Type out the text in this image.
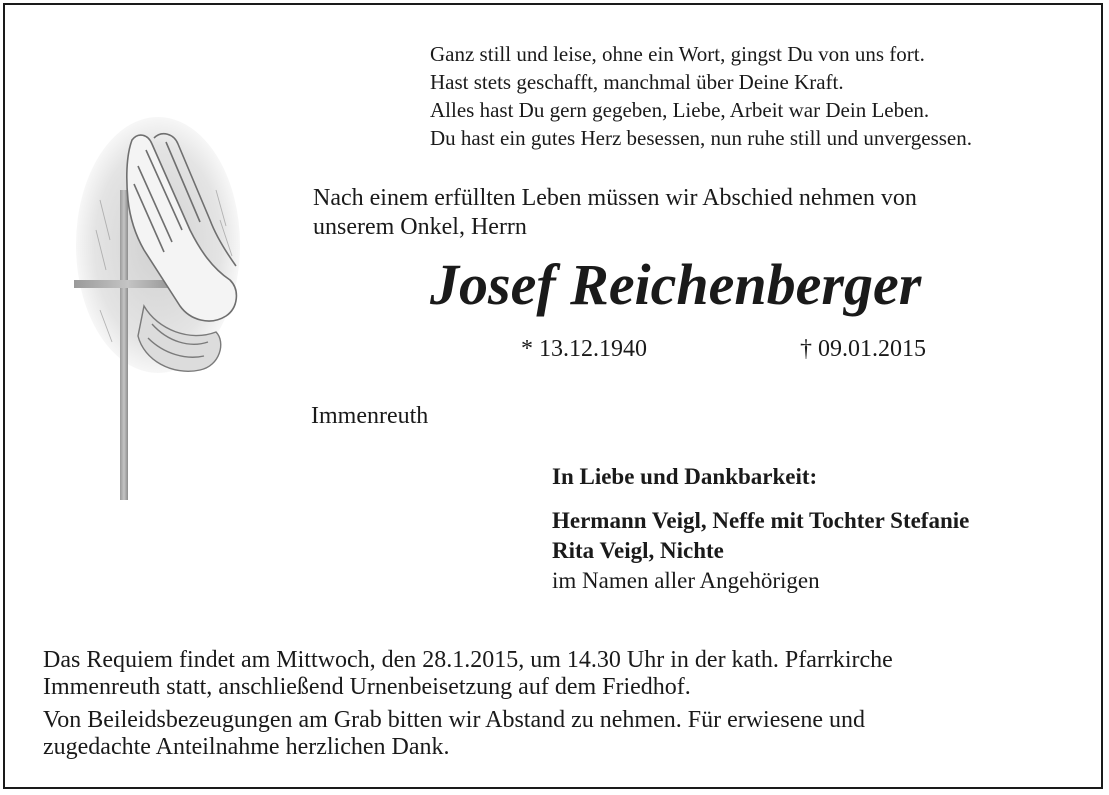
Ganz still und leise, ohne ein Wort, gingst Du von uns fort.
Hast stets geschafft, manchmal über Deine Kraft.
Alles hast Du gern gegeben, Liebe, Arbeit war Dein Leben.
Du hast ein gutes Herz besessen, nun ruhe still und unvergessen.
Nach einem erfüllten Leben müssen wir Abschied nehmen von
unserem Onkel, Herrn
Josef Reichenberger
* 13.12.1940	† 09.01.2015
Immenreuth
In Liebe und Dankbarkeit:
Hermann Veigl, Neffe mit Tochter Stefanie
Rita Veigl, Nichte
im Namen aller Angehörigen
Das Requiem findet am Mittwoch, den 28.1.2015, um 14.30 Uhr in der kath. Pfarrkirche
Immenreuth statt, anschließend Urnenbeisetzung auf dem Friedhof.
Von Beileidsbezeugungen am Grab bitten wir Abstand zu nehmen. Für erwiesene und
zugedachte Anteilnahme herzlichen Dank.
